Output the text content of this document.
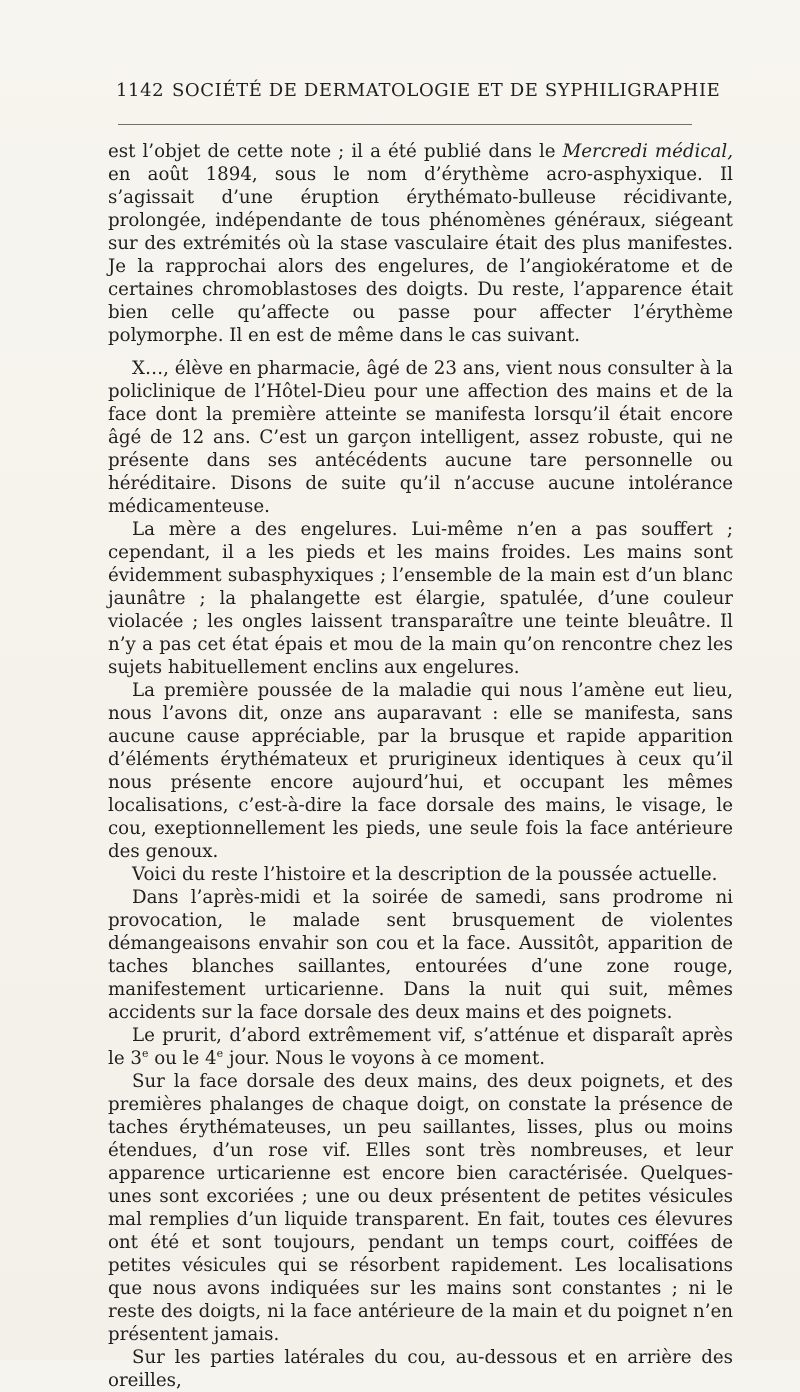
1142 SOCIÉTÉ DE DERMATOLOGIE ET DE SYPHILIGRAPHIE

est l’objet de cette note ; il a été publié dans le Mercredi médical, en août 1894, sous le nom d’érythème acro-asphyxique. Il s’agissait d’une éruption érythémato-bulleuse récidivante, prolongée, indépendante de tous phénomènes généraux, siégeant sur des extrémités où la stase vasculaire était des plus manifestes. Je la rapprochai alors des engelures, de l’angiokératome et de certaines chromoblastoses des doigts. Du reste, l’apparence était bien celle qu’affecte ou passe pour affecter l’érythème polymorphe. Il en est de même dans le cas suivant.

X…, élève en pharmacie, âgé de 23 ans, vient nous consulter à la policlinique de l’Hôtel-Dieu pour une affection des mains et de la face dont la première atteinte se manifesta lorsqu’il était encore âgé de 12 ans. C’est un garçon intelligent, assez robuste, qui ne présente dans ses antécédents aucune tare personnelle ou héréditaire. Disons de suite qu’il n’accuse aucune intolérance médicamenteuse.

La mère a des engelures. Lui-même n’en a pas souffert ; cependant, il a les pieds et les mains froides. Les mains sont évidemment subasphyxiques ; l’ensemble de la main est d’un blanc jaunâtre ; la phalangette est élargie, spatulée, d’une couleur violacée ; les ongles laissent transparaître une teinte bleuâtre. Il n’y a pas cet état épais et mou de la main qu’on rencontre chez les sujets habituellement enclins aux engelures.

La première poussée de la maladie qui nous l’amène eut lieu, nous l’avons dit, onze ans auparavant : elle se manifesta, sans aucune cause appréciable, par la brusque et rapide apparition d’éléments érythémateux et prurigineux identiques à ceux qu’il nous présente encore aujourd’hui, et occupant les mêmes localisations, c’est-à-dire la face dorsale des mains, le visage, le cou, exeptionnellement les pieds, une seule fois la face antérieure des genoux.

Voici du reste l’histoire et la description de la poussée actuelle.

Dans l’après-midi et la soirée de samedi, sans prodrome ni provocation, le malade sent brusquement de violentes démangeaisons envahir son cou et la face. Aussitôt, apparition de taches blanches saillantes, entourées d’une zone rouge, manifestement urticarienne. Dans la nuit qui suit, mêmes accidents sur la face dorsale des deux mains et des poignets.

Le prurit, d’abord extrêmement vif, s’atténue et disparaît après le 3e ou le 4e jour. Nous le voyons à ce moment.

Sur la face dorsale des deux mains, des deux poignets, et des premières phalanges de chaque doigt, on constate la présence de taches érythémateuses, un peu saillantes, lisses, plus ou moins étendues, d’un rose vif. Elles sont très nombreuses, et leur apparence urticarienne est encore bien caractérisée. Quelques-unes sont excoriées ; une ou deux présentent de petites vésicules mal remplies d’un liquide transparent. En fait, toutes ces élevures ont été et sont toujours, pendant un temps court, coiffées de petites vésicules qui se résorbent rapidement. Les localisations que nous avons indiquées sur les mains sont constantes ; ni le reste des doigts, ni la face antérieure de la main et du poignet n’en présentent jamais.

Sur les parties latérales du cou, au-dessous et en arrière des oreilles,
